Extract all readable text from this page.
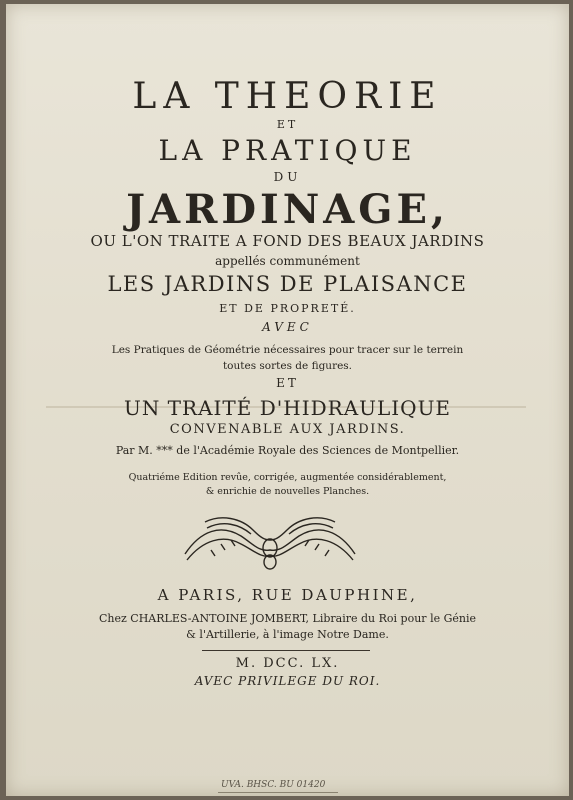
LA THEORIE
ET
LA PRATIQUE
DU
JARDINAGE,
OU L'ON TRAITE A FOND DES BEAUX JARDINS
appellés communément
LES JARDINS DE PLAISANCE
ET DE PROPRETÉ.
AVEC
Les Pratiques de Géométrie nécessaires pour tracer sur le terrein
toutes sortes de figures.
ET
UN TRAITÉ D'HIDRAULIQUE
CONVENABLE AUX JARDINS.
Par M. *** de l'Académie Royale des Sciences de Montpellier.
Quatriéme Edition revûe, corrigée, augmentée considérablement,
& enrichie de nouvelles Planches.
A PARIS, RUE DAUPHINE,
Chez CHARLES-ANTOINE JOMBERT, Libraire du Roi pour le Génie
& l'Artillerie, à l'image Notre Dame.
M. DCC. LX.
AVEC PRIVILEGE DU ROI.
UVA. BHSC. BU 01420
